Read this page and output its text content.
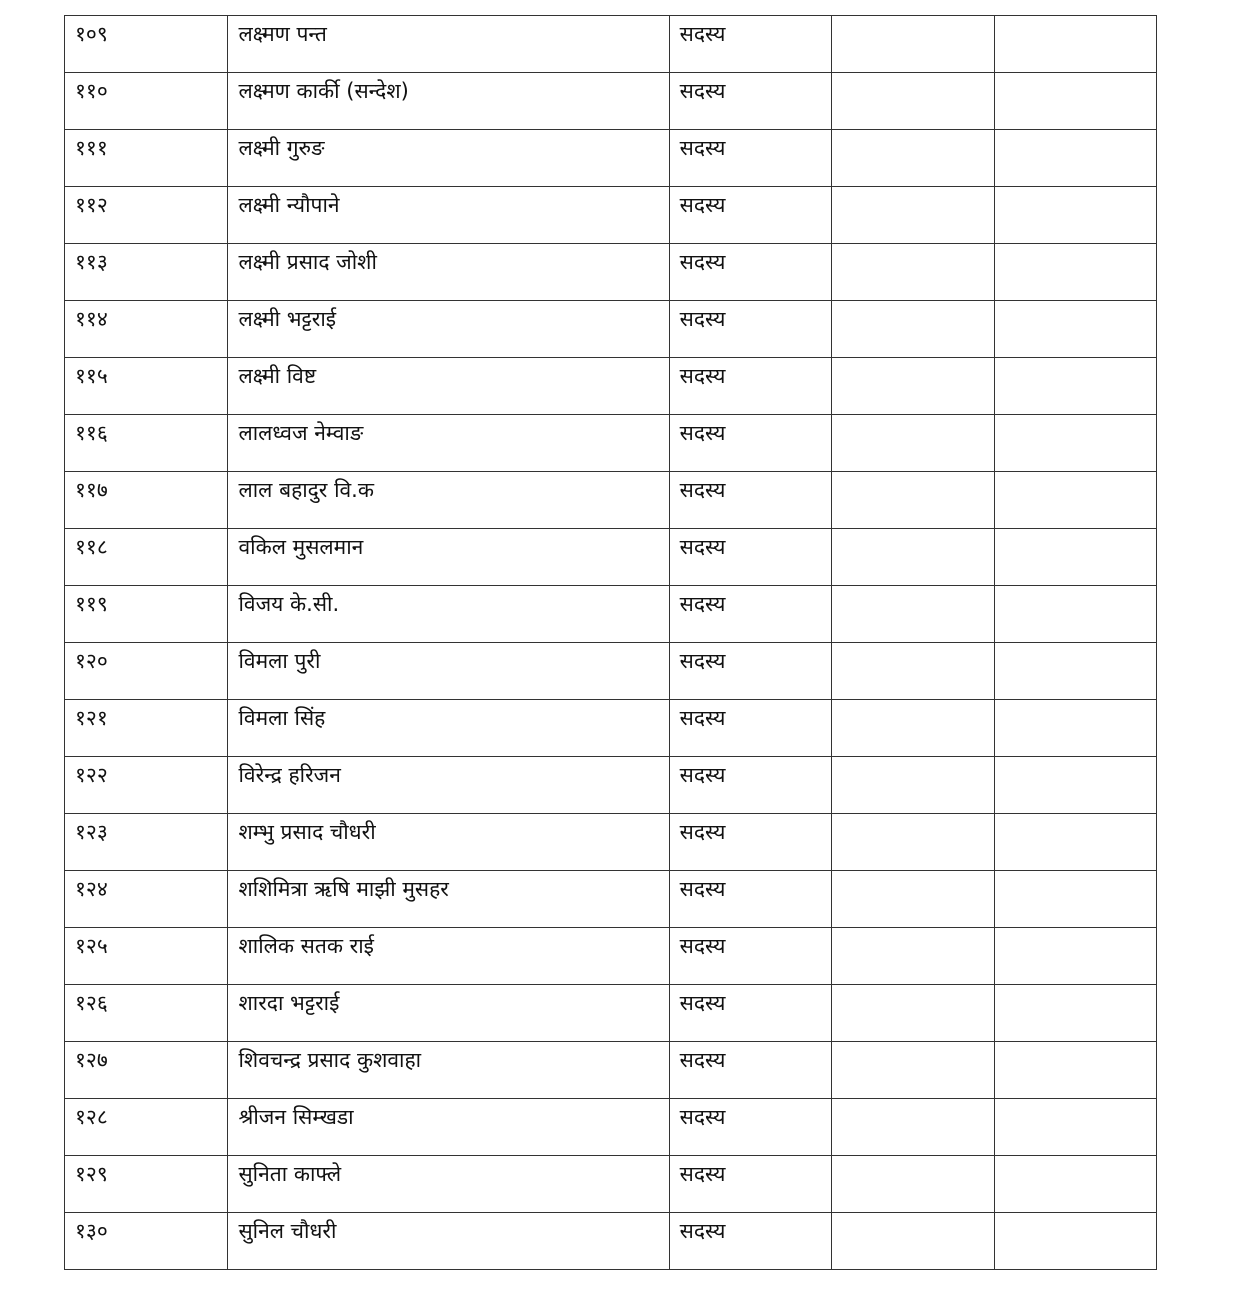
१०९	लक्ष्मण पन्त	सदस्य		

११०	लक्ष्मण कार्की (सन्देश)	सदस्य		

१११	लक्ष्मी गुरुङ	सदस्य		

११२	लक्ष्मी न्यौपाने	सदस्य		

११३	लक्ष्मी प्रसाद जोशी	सदस्य		

११४	लक्ष्मी भट्टराई	सदस्य		

११५	लक्ष्मी विष्ट	सदस्य		

११६	लालध्वज नेम्वाङ	सदस्य		

११७	लाल बहादुर वि.क	सदस्य		

११८	वकिल मुसलमान	सदस्य		

११९	विजय के.सी.	सदस्य		

१२०	विमला पुरी	सदस्य		

१२१	विमला सिंह	सदस्य		

१२२	विरेन्द्र हरिजन	सदस्य		

१२३	शम्भु प्रसाद चौधरी	सदस्य		

१२४	शशिमित्रा ऋषि माझी मुसहर	सदस्य		

१२५	शालिक सतक राई	सदस्य		

१२६	शारदा भट्टराई	सदस्य		

१२७	शिवचन्द्र प्रसाद कुशवाहा	सदस्य		

१२८	श्रीजन सिम्खडा	सदस्य		

१२९	सुनिता काफ्ले	सदस्य		

१३०	सुनिल चौधरी	सदस्य		
